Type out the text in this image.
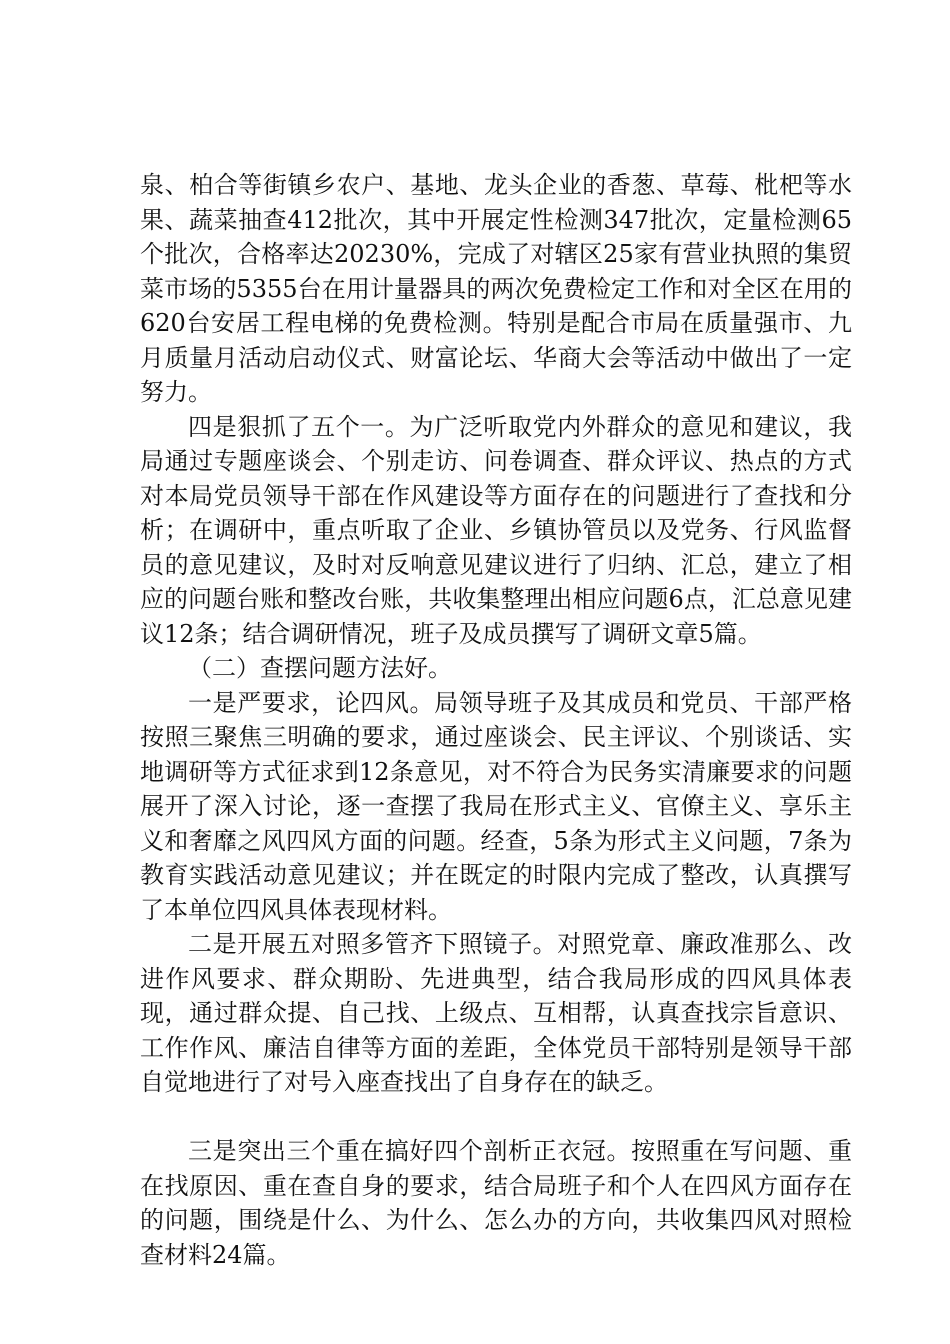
泉、柏合等街镇乡农户、基地、龙头企业的香葱、草莓、枇杷等水果、蔬菜抽查412批次，其中开展定性检测347批次，定量检测65个批次，合格率达20230%，完成了对辖区25家有营业执照的集贸菜市场的5355台在用计量器具的两次免费检定工作和对全区在用的620台安居工程电梯的免费检测。特别是配合市局在质量强市、九月质量月活动启动仪式、财富论坛、华商大会等活动中做出了一定努力。

四是狠抓了五个一。为广泛听取党内外群众的意见和建议，我局通过专题座谈会、个别走访、问卷调查、群众评议、热点的方式对本局党员领导干部在作风建设等方面存在的问题进行了查找和分析；在调研中，重点听取了企业、乡镇协管员以及党务、行风监督员的意见建议，及时对反响意见建议进行了归纳、汇总，建立了相应的问题台账和整改台账，共收集整理出相应问题6点，汇总意见建议12条；结合调研情况，班子及成员撰写了调研文章5篇。

（二）查摆问题方法好。

一是严要求，论四风。局领导班子及其成员和党员、干部严格按照三聚焦三明确的要求，通过座谈会、民主评议、个别谈话、实地调研等方式征求到12条意见，对不符合为民务实清廉要求的问题展开了深入讨论，逐一查摆了我局在形式主义、官僚主义、享乐主义和奢靡之风四风方面的问题。经查，5条为形式主义问题，7条为教育实践活动意见建议；并在既定的时限内完成了整改，认真撰写了本单位四风具体表现材料。

二是开展五对照多管齐下照镜子。对照党章、廉政准那么、改进作风要求、群众期盼、先进典型，结合我局形成的四风具体表现，通过群众提、自己找、上级点、互相帮，认真查找宗旨意识、工作作风、廉洁自律等方面的差距，全体党员干部特别是领导干部自觉地进行了对号入座查找出了自身存在的缺乏。

三是突出三个重在搞好四个剖析正衣冠。按照重在写问题、重在找原因、重在查自身的要求，结合局班子和个人在四风方面存在的问题，围绕是什么、为什么、怎么办的方向，共收集四风对照检查材料24篇。
